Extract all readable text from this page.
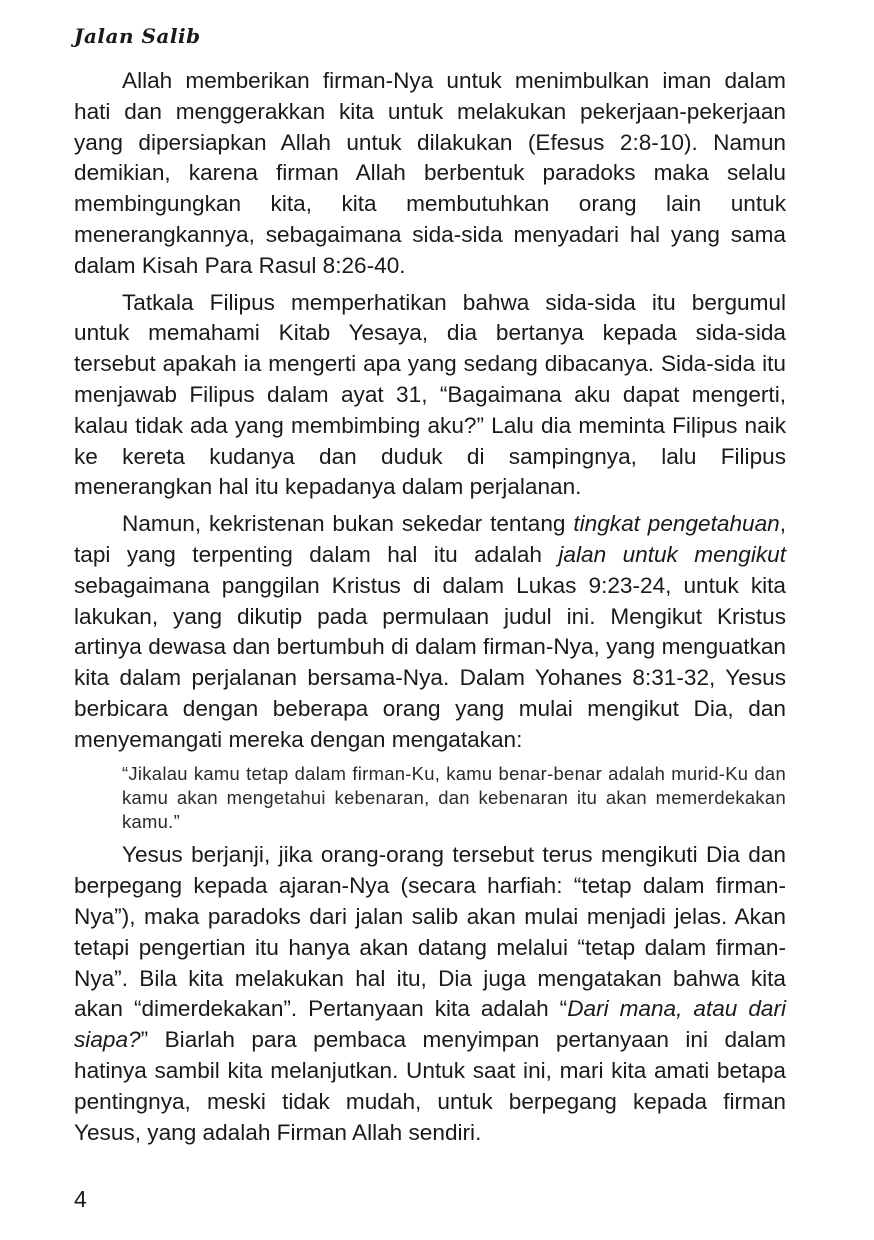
Jalan Salib

Allah memberikan firman-Nya untuk menimbulkan iman dalam hati dan menggerakkan kita untuk melakukan pekerjaan-pekerjaan yang dipersiapkan Allah untuk dilakukan (Efesus 2:8-10). Namun demikian, karena firman Allah berbentuk paradoks maka selalu membingungkan kita, kita membutuhkan orang lain untuk menerangkannya, sebagaimana sida-sida menyadari hal yang sama dalam Kisah Para Rasul 8:26-40.

Tatkala Filipus memperhatikan bahwa sida-sida itu bergumul untuk memahami Kitab Yesaya, dia bertanya kepada sida-sida tersebut apakah ia mengerti apa yang sedang dibacanya. Sida-sida itu menjawab Filipus dalam ayat 31, “Bagaimana aku dapat mengerti, kalau tidak ada yang membimbing aku?” Lalu dia meminta Filipus naik ke kereta kudanya dan duduk di sampingnya, lalu Filipus menerangkan hal itu kepadanya dalam perjalanan.

Namun, kekristenan bukan sekedar tentang tingkat pengetahuan, tapi yang terpenting dalam hal itu adalah jalan untuk mengikut sebagaimana panggilan Kristus di dalam Lukas 9:23-24, untuk kita lakukan, yang dikutip pada permulaan judul ini. Mengikut Kristus artinya dewasa dan bertumbuh di dalam firman-Nya, yang menguatkan kita dalam perjalanan bersama-Nya. Dalam Yohanes 8:31-32, Yesus berbicara dengan beberapa orang yang mulai mengikut Dia, dan menyemangati mereka dengan mengatakan:

“Jikalau kamu tetap dalam firman-Ku, kamu benar-benar adalah murid-Ku dan kamu akan mengetahui kebenaran, dan kebenaran itu akan memerdekakan kamu.”

Yesus berjanji, jika orang-orang tersebut terus mengikuti Dia dan berpegang kepada ajaran-Nya (secara harfiah: “tetap dalam firman-Nya”), maka paradoks dari jalan salib akan mulai menjadi jelas. Akan tetapi pengertian itu hanya akan datang melalui “tetap dalam firman-Nya”. Bila kita melakukan hal itu, Dia juga mengatakan bahwa kita akan “dimerdekakan”. Pertanyaan kita adalah “Dari mana, atau dari siapa?” Biarlah para pembaca menyimpan pertanyaan ini dalam hatinya sambil kita melanjutkan. Untuk saat ini, mari kita amati betapa pentingnya, meski tidak mudah, untuk berpegang kepada firman Yesus, yang adalah Firman Allah sendiri.

4
